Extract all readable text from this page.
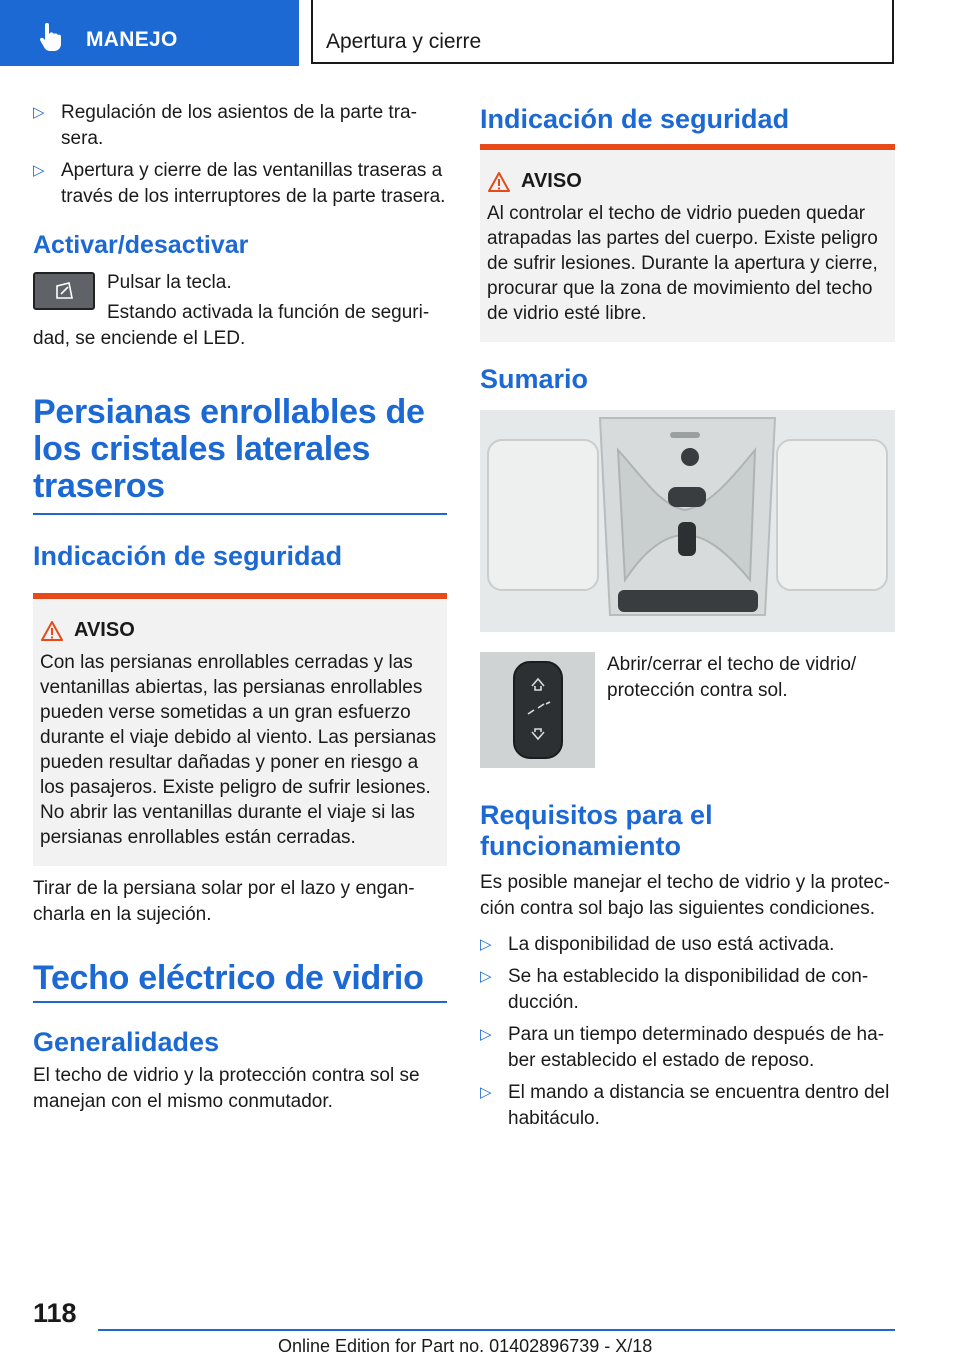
MANEJO	Apertura y cierre
▷ Regulación de los asientos de la parte trasera.
▷ Apertura y cierre de las ventanillas traseras a través de los interruptores de la parte trasera.
Activar/desactivar

Pulsar la tecla.

Estando activada la función de seguridad, se enciende el LED.

Persianas enrollables de los cristales laterales traseros
Indicación de seguridad
AVISO

Con las persianas enrollables cerradas y las ventanillas abiertas, las persianas enrollables pueden verse sometidas a un gran esfuerzo durante el viaje debido al viento. Las persianas pueden resultar dañadas y poner en riesgo a los pasajeros. Existe peligro de sufrir lesiones. No abrir las ventanillas durante el viaje si las persianas enrollables están cerradas.

Tirar de la persiana solar por el lazo y engancharla en la sujeción.

Techo eléctrico de vidrio
Generalidades

El techo de vidrio y la protección contra sol se manejan con el mismo conmutador.

Indicación de seguridad
AVISO

Al controlar el techo de vidrio pueden quedar atrapadas las partes del cuerpo. Existe peligro de sufrir lesiones. Durante la apertura y cierre, procurar que la zona de movimiento del techo de vidrio esté libre.

Sumario

Abrir/cerrar el techo de vidrio/ protección contra sol.

Requisitos para el funcionamiento

Es posible manejar el techo de vidrio y la protección contra sol bajo las siguientes condiciones.

▷ La disponibilidad de uso está activada.
▷ Se ha establecido la disponibilidad de conducción.
▷ Para un tiempo determinado después de haber establecido el estado de reposo.
▷ El mando a distancia se encuentra dentro del habitáculo.
118
Online Edition for Part no. 01402896739 - X/18
